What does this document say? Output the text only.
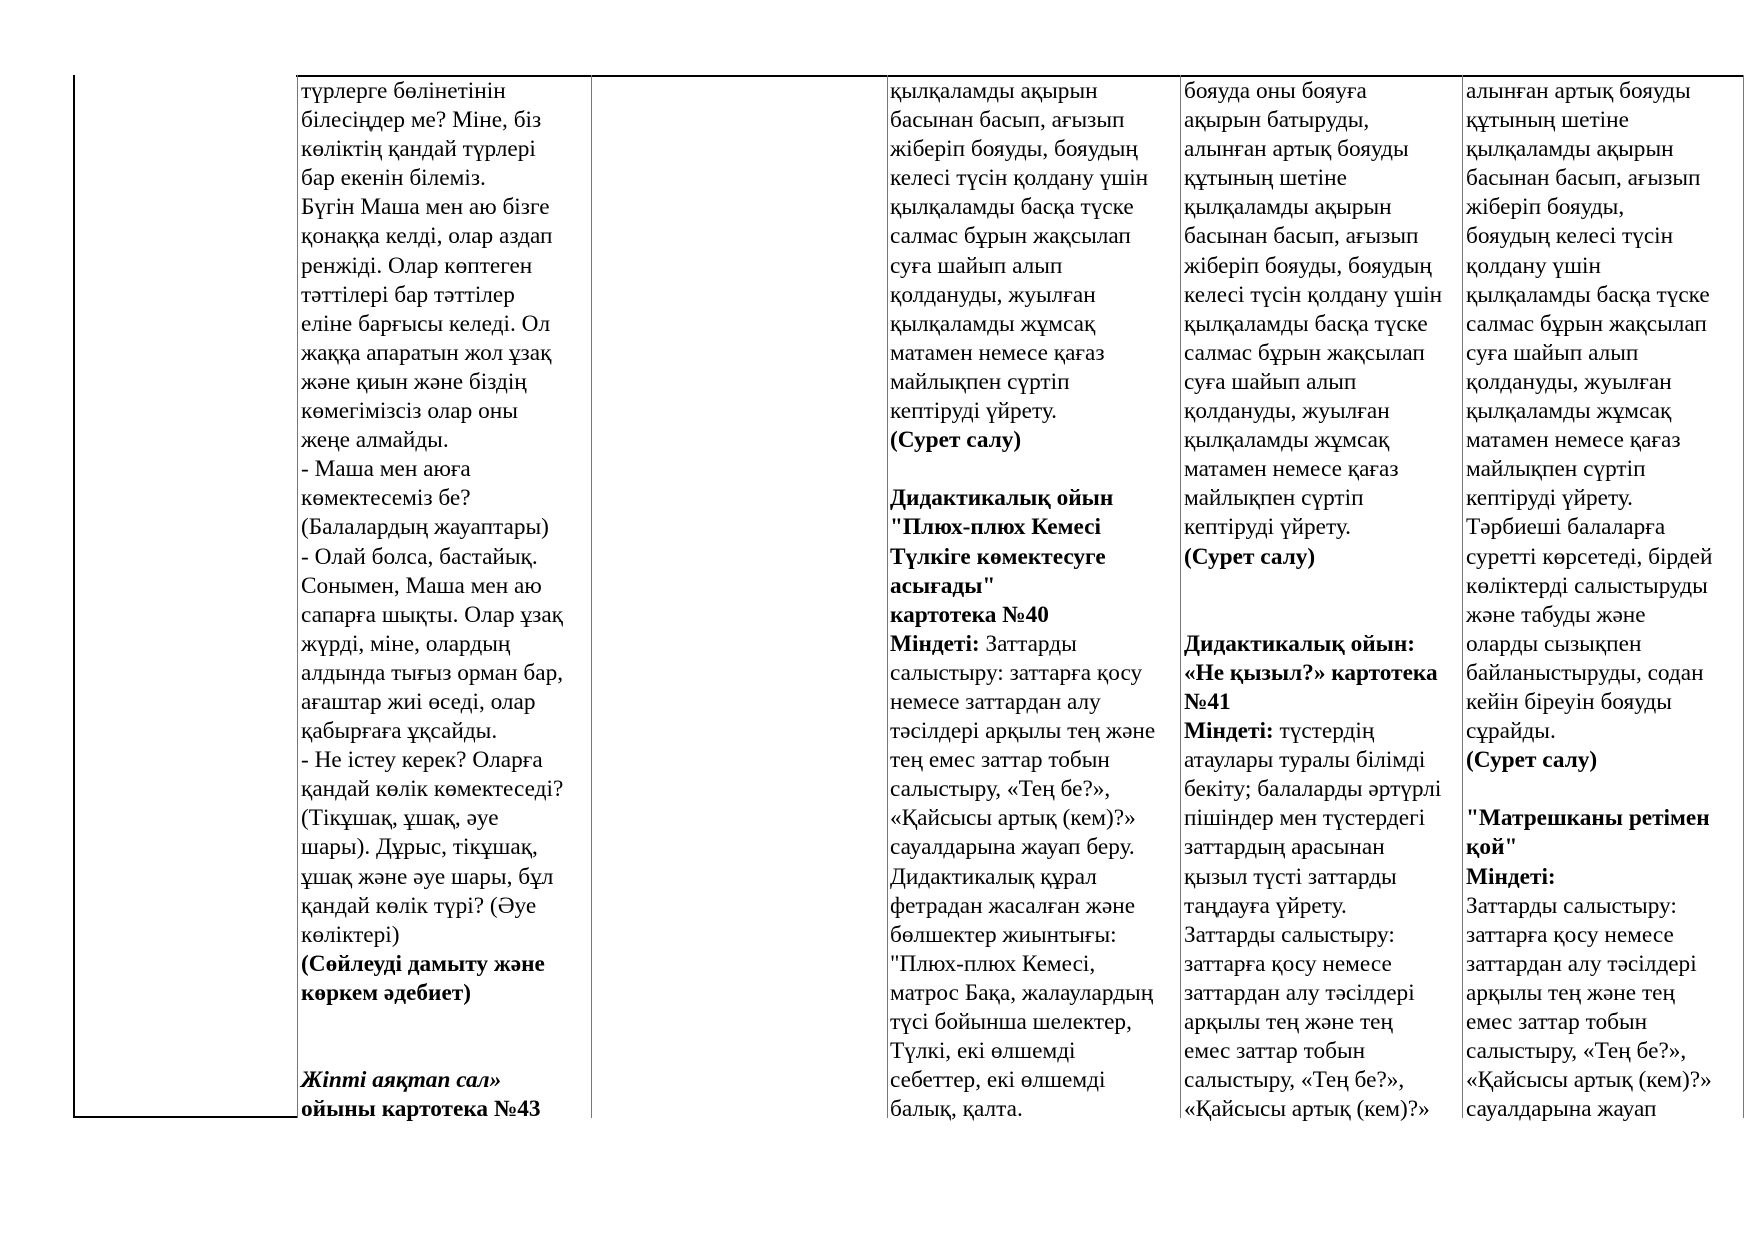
түрлерге бөлінетінін
білесіңдер ме? Міне, біз
көліктің қандай түрлері
бар екенін білеміз.
Бүгін Маша мен аю бізге
қонаққа келді, олар аздап
ренжіді. Олар көптеген
тәттілері бар тәттілер
еліне барғысы келеді. Ол
жаққа апаратын жол ұзақ
және қиын және біздің
көмегімізсіз олар оны
жеңе алмайды.
- Маша мен аюға
көмектесеміз бе?
(Балалардың жауаптары)
- Олай болса, бастайық.
Сонымен, Маша мен аю
сапарға шықты. Олар ұзақ
жүрді, міне, олардың
алдында тығыз орман бар,
ағаштар жиі өседі, олар
қабырғаға ұқсайды.
- Не істеу керек? Оларға
қандай көлік көмектеседі?
(Тікұшақ, ұшақ, әуе
шары). Дұрыс, тікұшақ,
ұшақ және әуе шары, бұл
қандай көлік түрі? (Әуе
көліктері)
(Сөйлеуді дамыту және
көркем әдебиет)
Жіпті аяқтап сал»
ойыны картотека №43
қылқаламды ақырын
басынан басып, ағызып
жіберіп бояуды, бояудың
келесі түсін қолдану үшін
қылқаламды басқа түске
салмас бұрын жақсылап
суға шайып алып
қолдануды, жуылған
қылқаламды жұмсақ
матамен немесе қағаз
майлықпен сүртіп
кептіруді үйрету.
(Сурет салу)
Дидактикалық ойын
"Плюх-плюх Кемесі
Түлкіге көмектесуге
асығады"
картотека №40
Міндеті: Заттарды
салыстыру: заттарға қосу
немесе заттардан алу
тәсілдері арқылы тең және
тең емес заттар тобын
салыстыру, «Тең бе?»,
«Қайсысы артық (кем)?»
сауалдарына жауап беру.
Дидактикалық құрал
фетрадан жасалған және
бөлшектер жиынтығы:
"Плюх-плюх Кемесі,
матрос Бақа, жалаулардың
түсі бойынша шелектер,
Түлкі, екі өлшемді
себеттер, екі өлшемді
балық, қалта.
бояуда оны бояуға
ақырын батыруды,
алынған артық бояуды
құтының шетіне
қылқаламды ақырын
басынан басып, ағызып
жіберіп бояуды, бояудың
келесі түсін қолдану үшін
қылқаламды басқа түске
салмас бұрын жақсылап
суға шайып алып
қолдануды, жуылған
қылқаламды жұмсақ
матамен немесе қағаз
майлықпен сүртіп
кептіруді үйрету.
(Сурет салу)
Дидактикалық ойын:
«Не қызыл?» картотека
№41
Міндеті: түстердің
атаулары туралы білімді
бекіту; балаларды әртүрлі
пішіндер мен түстердегі
заттардың арасынан
қызыл түсті заттарды
таңдауға үйрету.
Заттарды салыстыру:
заттарға қосу немесе
заттардан алу тәсілдері
арқылы тең және тең
емес заттар тобын
салыстыру, «Тең бе?»,
«Қайсысы артық (кем)?»
алынған артық бояуды
құтының шетіне
қылқаламды ақырын
басынан басып, ағызып
жіберіп бояуды,
бояудың келесі түсін
қолдану үшін
қылқаламды басқа түске
салмас бұрын жақсылап
суға шайып алып
қолдануды, жуылған
қылқаламды жұмсақ
матамен немесе қағаз
майлықпен сүртіп
кептіруді үйрету.
Тәрбиеші балаларға
суретті көрсетеді, бірдей
көліктерді салыстыруды
және табуды және
оларды сызықпен
байланыстыруды, содан
кейін біреуін бояуды
сұрайды.
(Сурет салу)
"Матрешканы ретімен
қой"
Міндеті:
Заттарды салыстыру:
заттарға қосу немесе
заттардан алу тәсілдері
арқылы тең және тең
емес заттар тобын
салыстыру, «Тең бе?»,
«Қайсысы артық (кем)?»
сауалдарына жауап
